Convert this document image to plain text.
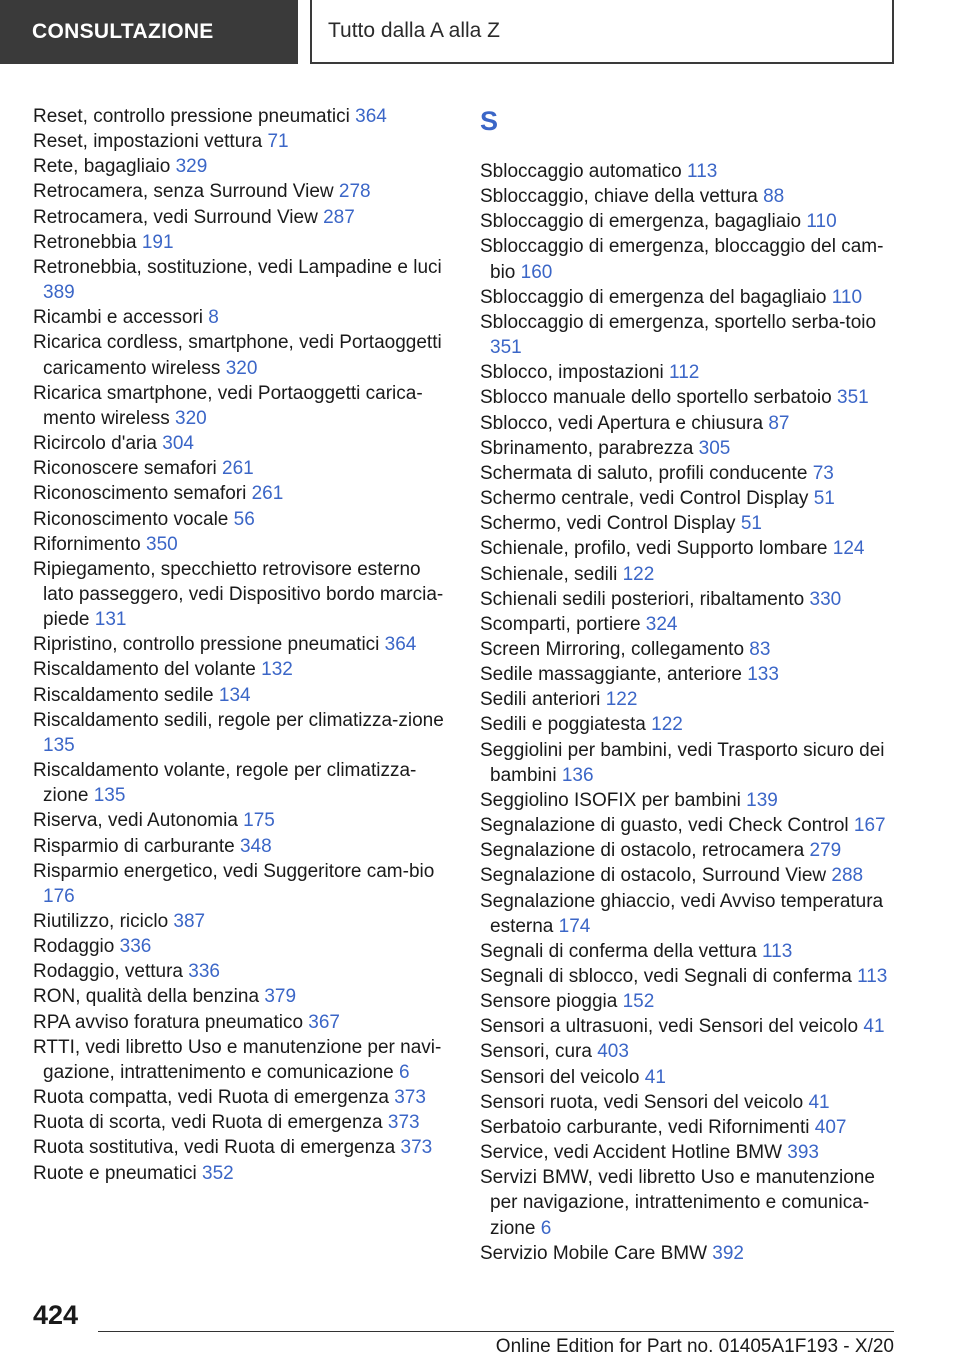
CONSULTAZIONE	Tutto dalla A alla Z
Reset, controllo pressione pneumatici 364
Reset, impostazioni vettura 71
Rete, bagagliaio 329
Retrocamera, senza Surround View 278
Retrocamera, vedi Surround View 287
Retronebbia 191
Retronebbia, sostituzione, vedi Lampadine e luci 389
Ricambi e accessori 8
Ricarica cordless, smartphone, vedi Portaoggetti caricamento wireless 320
Ricarica smartphone, vedi Portaoggetti carica-mento wireless 320
Ricircolo d'aria 304
Riconoscere semafori 261
Riconoscimento semafori 261
Riconoscimento vocale 56
Rifornimento 350
Ripiegamento, specchietto retrovisore esterno lato passeggero, vedi Dispositivo bordo marcia-piede 131
Ripristino, controllo pressione pneumatici 364
Riscaldamento del volante 132
Riscaldamento sedile 134
Riscaldamento sedili, regole per climatizza-zione 135
Riscaldamento volante, regole per climatizza-zione 135
Riserva, vedi Autonomia 175
Risparmio di carburante 348
Risparmio energetico, vedi Suggeritore cam-bio 176
Riutilizzo, riciclo 387
Rodaggio 336
Rodaggio, vettura 336
RON, qualità della benzina 379
RPA avviso foratura pneumatico 367
RTTI, vedi libretto Uso e manutenzione per navi-gazione, intrattenimento e comunicazione 6
Ruota compatta, vedi Ruota di emergenza 373
Ruota di scorta, vedi Ruota di emergenza 373
Ruota sostitutiva, vedi Ruota di emergenza 373
Ruote e pneumatici 352
S
Sbloccaggio automatico 113
Sbloccaggio, chiave della vettura 88
Sbloccaggio di emergenza, bagagliaio 110
Sbloccaggio di emergenza, bloccaggio del cam-bio 160
Sbloccaggio di emergenza del bagagliaio 110
Sbloccaggio di emergenza, sportello serba-toio 351
Sblocco, impostazioni 112
Sblocco manuale dello sportello serbatoio 351
Sblocco, vedi Apertura e chiusura 87
Sbrinamento, parabrezza 305
Schermata di saluto, profili conducente 73
Schermo centrale, vedi Control Display 51
Schermo, vedi Control Display 51
Schienale, profilo, vedi Supporto lombare 124
Schienale, sedili 122
Schienali sedili posteriori, ribaltamento 330
Scomparti, portiere 324
Screen Mirroring, collegamento 83
Sedile massaggiante, anteriore 133
Sedili anteriori 122
Sedili e poggiatesta 122
Seggiolini per bambini, vedi Trasporto sicuro dei bambini 136
Seggiolino ISOFIX per bambini 139
Segnalazione di guasto, vedi Check Control 167
Segnalazione di ostacolo, retrocamera 279
Segnalazione di ostacolo, Surround View 288
Segnalazione ghiaccio, vedi Avviso temperatura esterna 174
Segnali di conferma della vettura 113
Segnali di sblocco, vedi Segnali di conferma 113
Sensore pioggia 152
Sensori a ultrasuoni, vedi Sensori del veicolo 41
Sensori, cura 403
Sensori del veicolo 41
Sensori ruota, vedi Sensori del veicolo 41
Serbatoio carburante, vedi Rifornimenti 407
Service, vedi Accident Hotline BMW 393
Servizi BMW, vedi libretto Uso e manutenzione per navigazione, intrattenimento e comunica-zione 6
Servizio Mobile Care BMW 392
424
Online Edition for Part no. 01405A1F193 - X/20
